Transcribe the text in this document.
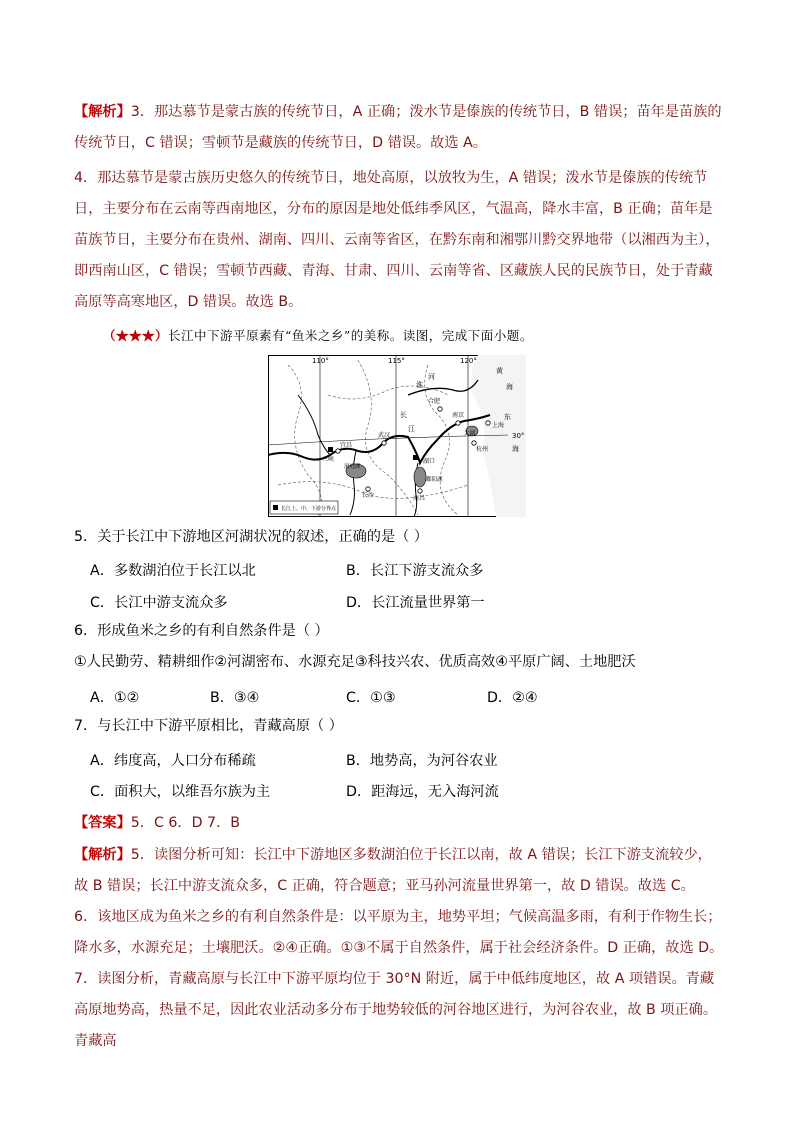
【解析】3．那达慕节是蒙古族的传统节日，A 正确；泼水节是傣族的传统节日，B 错误；苗年是苗族的传统节日，C 错误；雪顿节是藏族的传统节日，D 错误。故选 A。
4．那达慕节是蒙古族历史悠久的传统节日，地处高原，以放牧为生，A 错误；泼水节是傣族的传统节日，主要分布在云南等西南地区，分布的原因是地处低纬季风区，气温高，降水丰富，B 正确；苗年是苗族节日，主要分布在贵州、湖南、四川、云南等省区，在黔东南和湘鄂川黔交界地带（以湘西为主），即西南山区，C 错误；雪顿节西藏、青海、甘肃、四川、云南等省、区藏族人民的民族节日，处于青藏高原等高寒地区，D 错误。故选 B。
（★★★）长江中下游平原素有“鱼米之乡”的美称。读图，完成下面小题。
110°	115°	120°
30°
宜昌
三峡
武汉
合肥
南京
上海
杭州
太湖
鄱阳湖
湖口
南昌
长沙
洞庭湖
河
淮
江
长
黄
海
东
海
长江上、中、下游分界点
5．关于长江中下游地区河湖状况的叙述，正确的是（ ）
A．多数湖泊位于长江以北	B．长江下游支流众多
C．长江中游支流众多	D．长江流量世界第一
6．形成鱼米之乡的有利自然条件是（ ）
①人民勤劳、精耕细作②河湖密布、水源充足③科技兴农、优质高效④平原广阔、土地肥沃
A．①②	B．③④	C．①③	D．②④
7．与长江中下游平原相比，青藏高原（ ）
A．纬度高，人口分布稀疏	B．地势高，为河谷农业
C．面积大，以维吾尔族为主	D．距海远，无入海河流
【答案】5．C 6．D 7．B
【解析】5．读图分析可知：长江中下游地区多数湖泊位于长江以南，故 A 错误；长江下游支流较少，故 B 错误；长江中游支流众多，C 正确，符合题意；亚马孙河流量世界第一，故 D 错误。故选 C。
6．该地区成为鱼米之乡的有利自然条件是：以平原为主，地势平坦；气候高温多雨，有利于作物生长；降水多，水源充足；土壤肥沃。②④正确。①③不属于自然条件，属于社会经济条件。D 正确，故选 D。
7．读图分析，青藏高原与长江中下游平原均位于 30°N 附近，属于中低纬度地区，故 A 项错误。青藏高原地势高，热量不足，因此农业活动多分布于地势较低的河谷地区进行，为河谷农业，故 B 项正确。青藏高
